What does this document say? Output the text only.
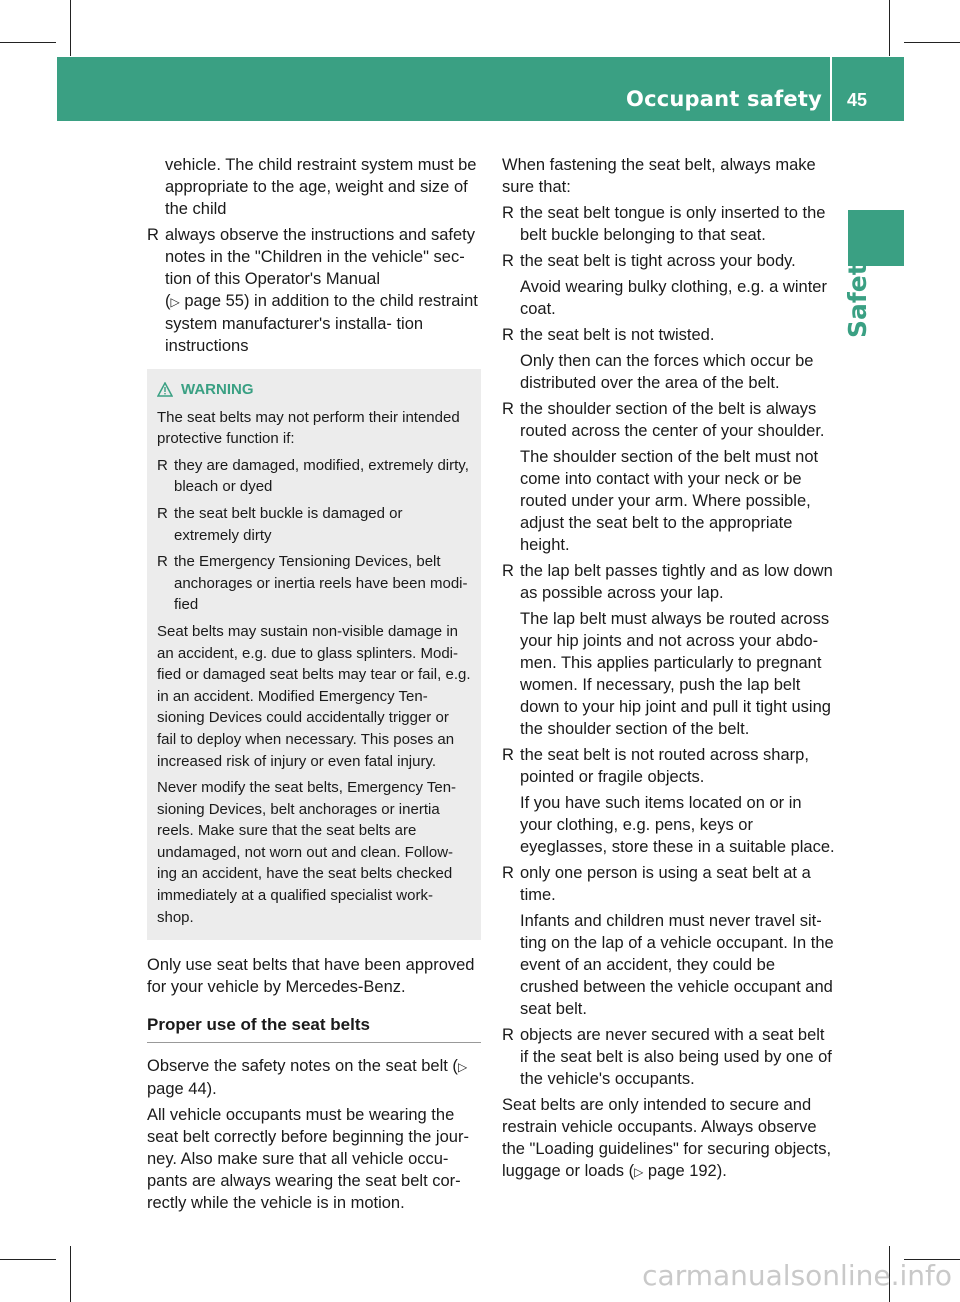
Occupant safety 45
Safety

vehicle. The child restraint system must be appropriate to the age, weight and size of the child

R always observe the instructions and safety notes in the "Children in the vehicle" sec- tion of this Operator's Manual
(▷ page 55) in addition to the child restraint system manufacturer's installa- tion instructions
WARNING

The seat belts may not perform their intended protective function if:

R they are damaged, modified, extremely dirty, bleach or dyed
R the seat belt buckle is damaged or extremely dirty
R the Emergency Tensioning Devices, belt anchorages or inertia reels have been modi- fied

Seat belts may sustain non-visible damage in an accident, e.g. due to glass splinters. Modi- fied or damaged seat belts may tear or fail, e.g. in an accident. Modified Emergency Ten- sioning Devices could accidentally trigger or fail to deploy when necessary. This poses an increased risk of injury or even fatal injury.

Never modify the seat belts, Emergency Ten- sioning Devices, belt anchorages or inertia reels. Make sure that the seat belts are undamaged, not worn out and clean. Follow- ing an accident, have the seat belts checked immediately at a qualified specialist work- shop.

Only use seat belts that have been approved for your vehicle by Mercedes-Benz.

Proper use of the seat belts

Observe the safety notes on the seat belt (▷ page 44).

All vehicle occupants must be wearing the seat belt correctly before beginning the jour- ney. Also make sure that all vehicle occu- pants are always wearing the seat belt cor- rectly while the vehicle is in motion.

When fastening the seat belt, always make sure that:

R the seat belt tongue is only inserted to the belt buckle belonging to that seat.
R the seat belt is tight across your body.

Avoid wearing bulky clothing, e.g. a winter coat.

R the seat belt is not twisted.

Only then can the forces which occur be distributed over the area of the belt.

R the shoulder section of the belt is always routed across the center of your shoulder.

The shoulder section of the belt must not come into contact with your neck or be routed under your arm. Where possible, adjust the seat belt to the appropriate height.

R the lap belt passes tightly and as low down as possible across your lap.

The lap belt must always be routed across your hip joints and not across your abdo- men. This applies particularly to pregnant women. If necessary, push the lap belt down to your hip joint and pull it tight using the shoulder section of the belt.

R the seat belt is not routed across sharp, pointed or fragile objects.

If you have such items located on or in your clothing, e.g. pens, keys or eyeglasses, store these in a suitable place.

R only one person is using a seat belt at a time.

Infants and children must never travel sit- ting on the lap of a vehicle occupant. In the event of an accident, they could be crushed between the vehicle occupant and seat belt.

R objects are never secured with a seat belt if the seat belt is also being used by one of the vehicle's occupants.

Seat belts are only intended to secure and restrain vehicle occupants. Always observe the "Loading guidelines" for securing objects, luggage or loads (▷ page 192).

carmanualsonline.info
